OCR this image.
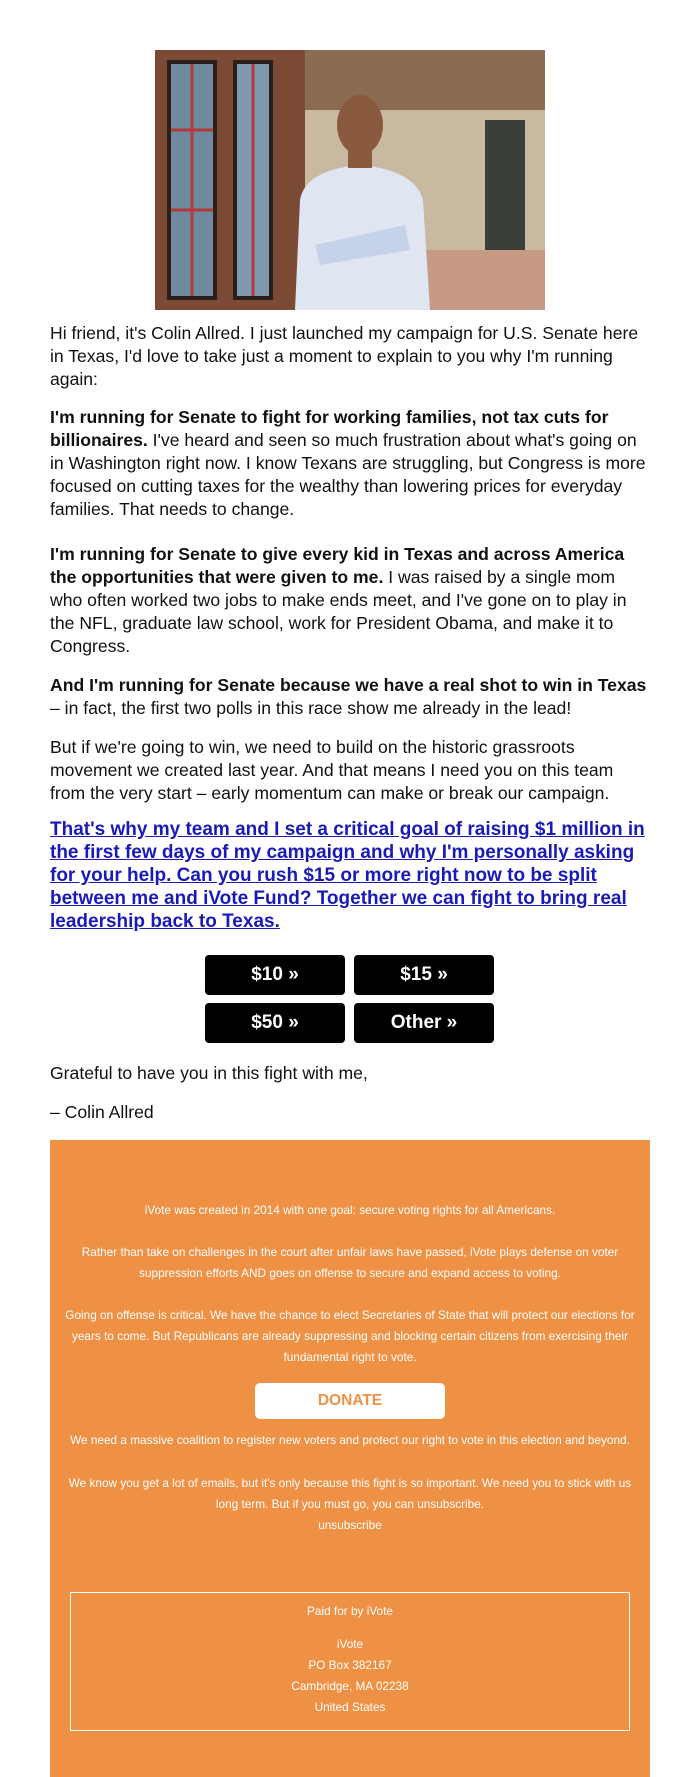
Hi friend, it's Colin Allred. I just launched my campaign for U.S. Senate here in Texas, I'd love to take just a moment to explain to you why I'm running again:

I'm running for Senate to fight for working families, not tax cuts for billionaires. I've heard and seen so much frustration about what's going on in Washington right now. I know Texans are struggling, but Congress is more focused on cutting taxes for the wealthy than lowering prices for everyday families. That needs to change.

I'm running for Senate to give every kid in Texas and across America the opportunities that were given to me. I was raised by a single mom who often worked two jobs to make ends meet, and I've gone on to play in the NFL, graduate law school, work for President Obama, and make it to Congress.

And I'm running for Senate because we have a real shot to win in Texas – in fact, the first two polls in this race show me already in the lead!

But if we're going to win, we need to build on the historic grassroots movement we created last year. And that means I need you on this team from the very start – early momentum can make or break our campaign.

That's why my team and I set a critical goal of raising $1 million in the first few days of my campaign and why I'm personally asking for your help. Can you rush $15 or more right now to be split between me and iVote Fund? Together we can fight to bring real leadership back to Texas.
$10 »	$15 »
$50 »	Other »

Grateful to have you in this fight with me,

– Colin Allred

iVote was created in 2014 with one goal: secure voting rights for all Americans.

Rather than take on challenges in the court after unfair laws have passed, iVote plays defense on voter suppression efforts AND goes on offense to secure and expand access to voting.

Going on offense is critical. We have the chance to elect Secretaries of State that will protect our elections for years to come. But Republicans are already suppressing and blocking certain citizens from exercising their fundamental right to vote.

DONATE

We need a massive coalition to register new voters and protect our right to vote in this election and beyond.

We know you get a lot of emails, but it's only because this fight is so important. We need you to stick with us long term. But if you must go, you can unsubscribe.

unsubscribe

Paid for by iVote
iVote
PO Box 382167
Cambridge, MA 02238
United States
